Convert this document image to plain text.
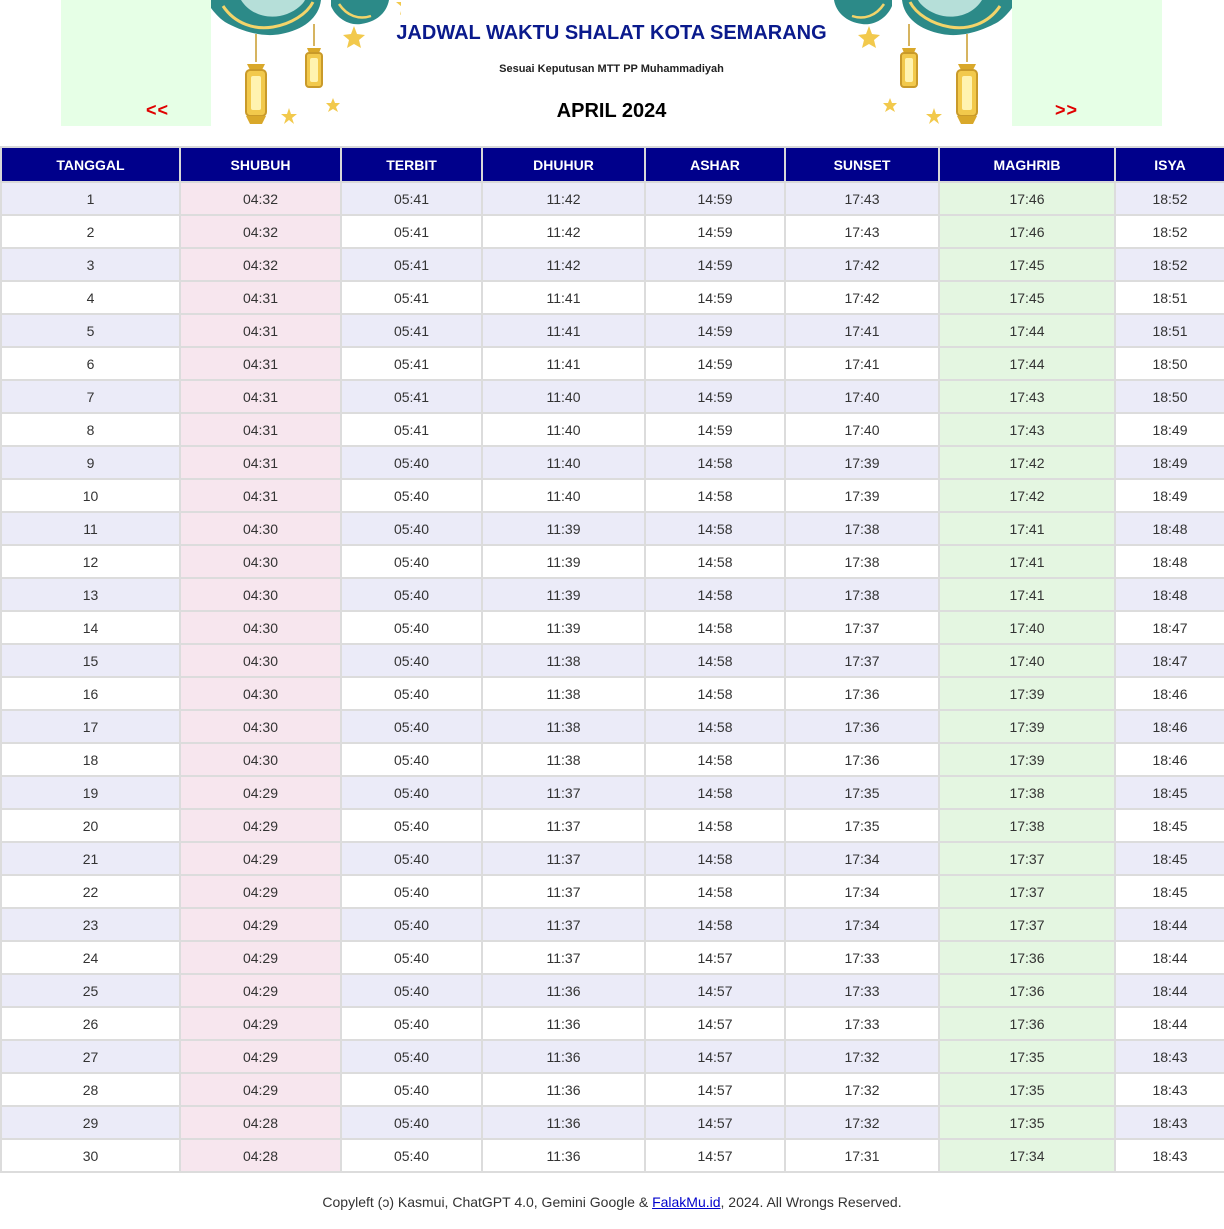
<<
JADWAL WAKTU SHALAT KOTA SEMARANG
Sesuai Keputusan MTT PP Muhammadiyah
APRIL 2024	>>
TANGGAL	SHUBUH	TERBIT	DHUHUR	ASHAR	SUNSET	MAGHRIB	ISYA
1	04:32	05:41	11:42	14:59	17:43	17:46	18:52
2	04:32	05:41	11:42	14:59	17:43	17:46	18:52
3	04:32	05:41	11:42	14:59	17:42	17:45	18:52
4	04:31	05:41	11:41	14:59	17:42	17:45	18:51
5	04:31	05:41	11:41	14:59	17:41	17:44	18:51
6	04:31	05:41	11:41	14:59	17:41	17:44	18:50
7	04:31	05:41	11:40	14:59	17:40	17:43	18:50
8	04:31	05:41	11:40	14:59	17:40	17:43	18:49
9	04:31	05:40	11:40	14:58	17:39	17:42	18:49
10	04:31	05:40	11:40	14:58	17:39	17:42	18:49
11	04:30	05:40	11:39	14:58	17:38	17:41	18:48
12	04:30	05:40	11:39	14:58	17:38	17:41	18:48
13	04:30	05:40	11:39	14:58	17:38	17:41	18:48
14	04:30	05:40	11:39	14:58	17:37	17:40	18:47
15	04:30	05:40	11:38	14:58	17:37	17:40	18:47
16	04:30	05:40	11:38	14:58	17:36	17:39	18:46
17	04:30	05:40	11:38	14:58	17:36	17:39	18:46
18	04:30	05:40	11:38	14:58	17:36	17:39	18:46
19	04:29	05:40	11:37	14:58	17:35	17:38	18:45
20	04:29	05:40	11:37	14:58	17:35	17:38	18:45
21	04:29	05:40	11:37	14:58	17:34	17:37	18:45
22	04:29	05:40	11:37	14:58	17:34	17:37	18:45
23	04:29	05:40	11:37	14:58	17:34	17:37	18:44
24	04:29	05:40	11:37	14:57	17:33	17:36	18:44
25	04:29	05:40	11:36	14:57	17:33	17:36	18:44
26	04:29	05:40	11:36	14:57	17:33	17:36	18:44
27	04:29	05:40	11:36	14:57	17:32	17:35	18:43
28	04:29	05:40	11:36	14:57	17:32	17:35	18:43
29	04:28	05:40	11:36	14:57	17:32	17:35	18:43
30	04:28	05:40	11:36	14:57	17:31	17:34	18:43
Copyleft (ɔ) Kasmui, ChatGPT 4.0, Gemini Google & FalakMu.id, 2024. All Wrongs Reserved.
